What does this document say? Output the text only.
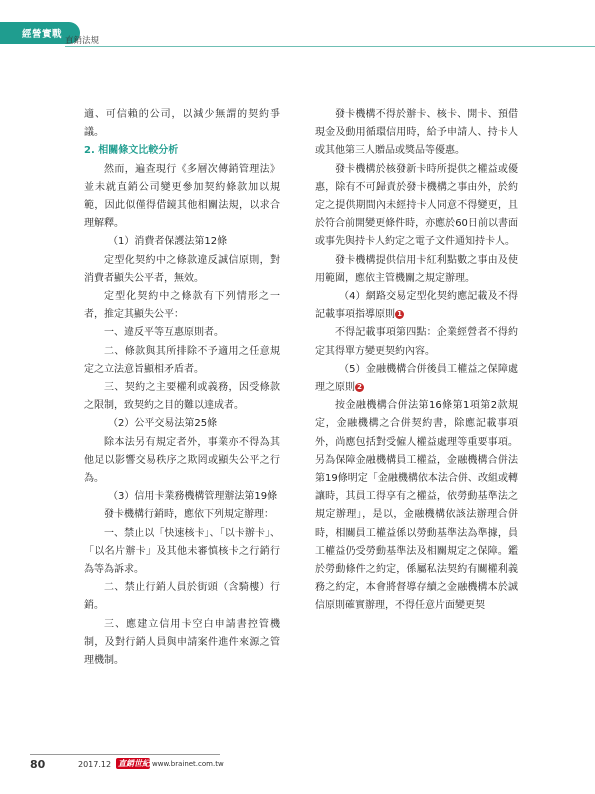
經營實戰
直銷法規

適、可信賴的公司，以減少無謂的契約爭議。

2. 相關條文比較分析

然而，遍查現行《多層次傳銷管理法》並未就直銷公司變更參加契約條款加以規範，因此似僅得借鏡其他相關法規，以求合理解釋。

（1）消費者保護法第12條

定型化契約中之條款違反誠信原則，對消費者顯失公平者，無效。

定型化契約中之條款有下列情形之一者，推定其顯失公平：

一、違反平等互惠原則者。

二、條款與其所排除不予適用之任意規定之立法意旨顯相矛盾者。

三、契約之主要權利或義務，因受條款之限制，致契約之目的難以達成者。

（2）公平交易法第25條

除本法另有規定者外，事業亦不得為其他足以影響交易秩序之欺罔或顯失公平之行為。

（3）信用卡業務機構管理辦法第19條

發卡機構行銷時，應依下列規定辦理：

一、禁止以「快速核卡」、「以卡辦卡」、「以名片辦卡」及其他未審慎核卡之行銷行為等為訴求。

二、禁止行銷人員於街頭（含騎樓）行銷。

三、應建立信用卡空白申請書控管機制，及對行銷人員與申請案件進件來源之管理機制。

發卡機構不得於辦卡、核卡、開卡、預借現金及動用循環信用時，給予申請人、持卡人或其他第三人贈品或獎品等優惠。

發卡機構於核發新卡時所提供之權益或優惠，除有不可歸責於發卡機構之事由外，於約定之提供期間內未經持卡人同意不得變更，且於符合前開變更條件時，亦應於60日前以書面或事先與持卡人約定之電子文件通知持卡人。

發卡機構提供信用卡紅利點數之事由及使用範圍，應依主管機關之規定辦理。

（4）網路交易定型化契約應記載及不得記載事項指導原則 1

不得記載事項第四點：企業經營者不得約定其得單方變更契約內容。

（5）金融機構合併後員工權益之保障處理之原則 2

按金融機構合併法第16條第1項第2款規定，金融機構之合併契約書，除應記載事項外，尚應包括對受僱人權益處理等重要事項。另為保障金融機構員工權益，金融機構合併法第19條明定「金融機構依本法合併、改組或轉讓時，其員工得享有之權益，依勞動基準法之規定辦理」，是以，金融機構依該法辦理合併時，相關員工權益係以勞動基準法為準據，員工權益仍受勞動基準法及相關規定之保障。鑑於勞動條件之約定，係屬私法契約有關權利義務之約定，本會將督導存續之金融機構本於誠信原則確實辦理，不得任意片面變更契

80	2017.12 直銷世紀 www.brainet.com.tw
